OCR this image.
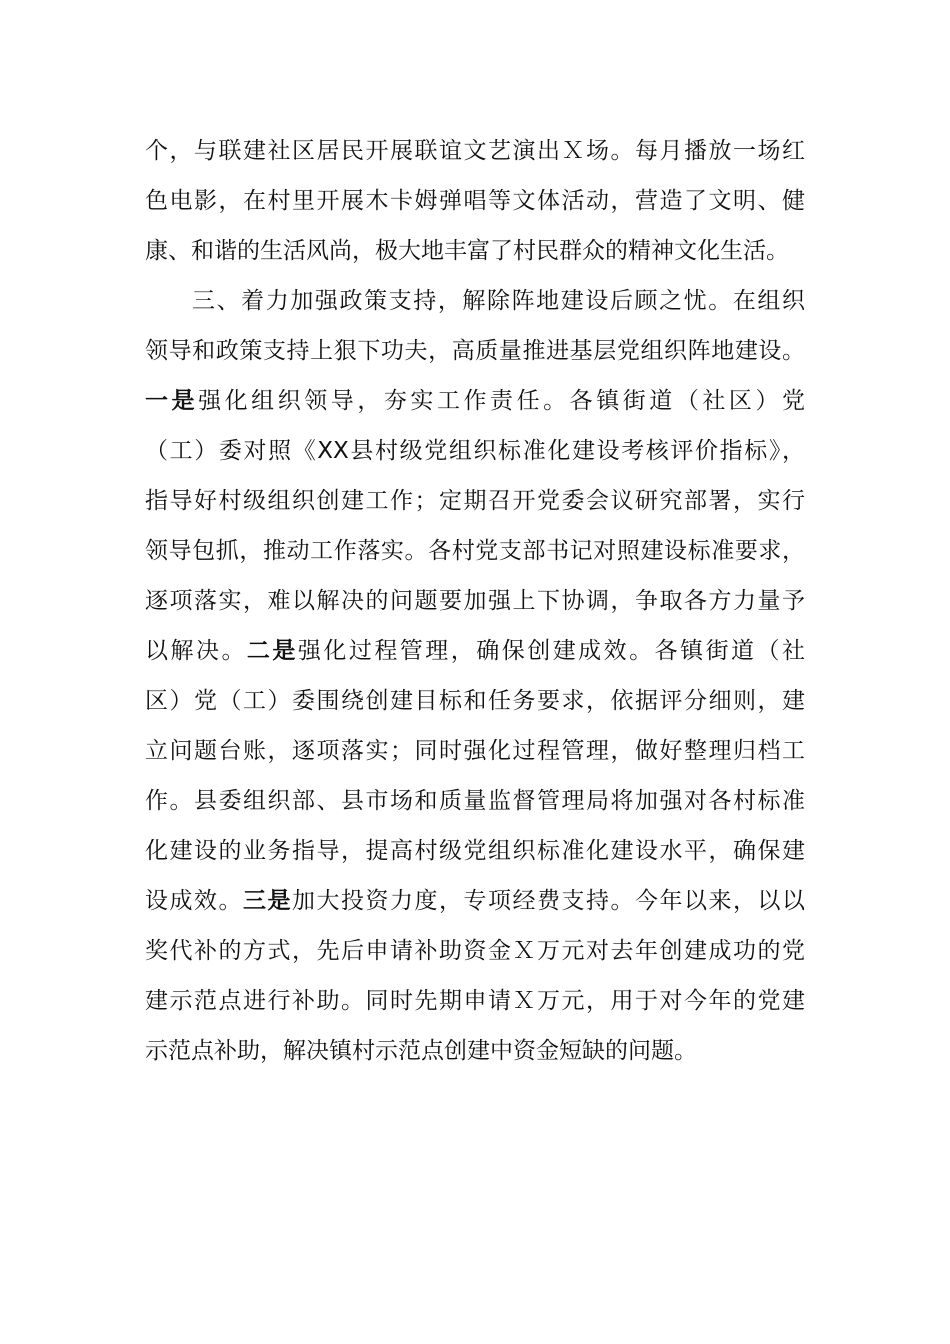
个，与联建社区居民开展联谊文艺演出Ｘ场。每月播放一场红
色电影，在村里开展木卡姆弹唱等文体活动，营造了文明、健
康、和谐的生活风尚，极大地丰富了村民群众的精神文化生活。
三、着力加强政策支持，解除阵地建设后顾之忧。在组织
领导和政策支持上狠下功夫，高质量推进基层党组织阵地建设。
一是强化组织领导，夯实工作责任。各镇街道（社区）党
（工）委对照《XX县村级党组织标准化建设考核评价指标》，
指导好村级组织创建工作；定期召开党委会议研究部署，实行
领导包抓，推动工作落实。各村党支部书记对照建设标准要求，
逐项落实，难以解决的问题要加强上下协调，争取各方力量予
以解决。二是强化过程管理，确保创建成效。各镇街道（社
区）党（工）委围绕创建目标和任务要求，依据评分细则，建
立问题台账，逐项落实；同时强化过程管理，做好整理归档工
作。县委组织部、县市场和质量监督管理局将加强对各村标准
化建设的业务指导，提高村级党组织标准化建设水平，确保建
设成效。三是加大投资力度，专项经费支持。今年以来，以以
奖代补的方式，先后申请补助资金Ｘ万元对去年创建成功的党
建示范点进行补助。同时先期申请Ｘ万元，用于对今年的党建
示范点补助，解决镇村示范点创建中资金短缺的问题。
